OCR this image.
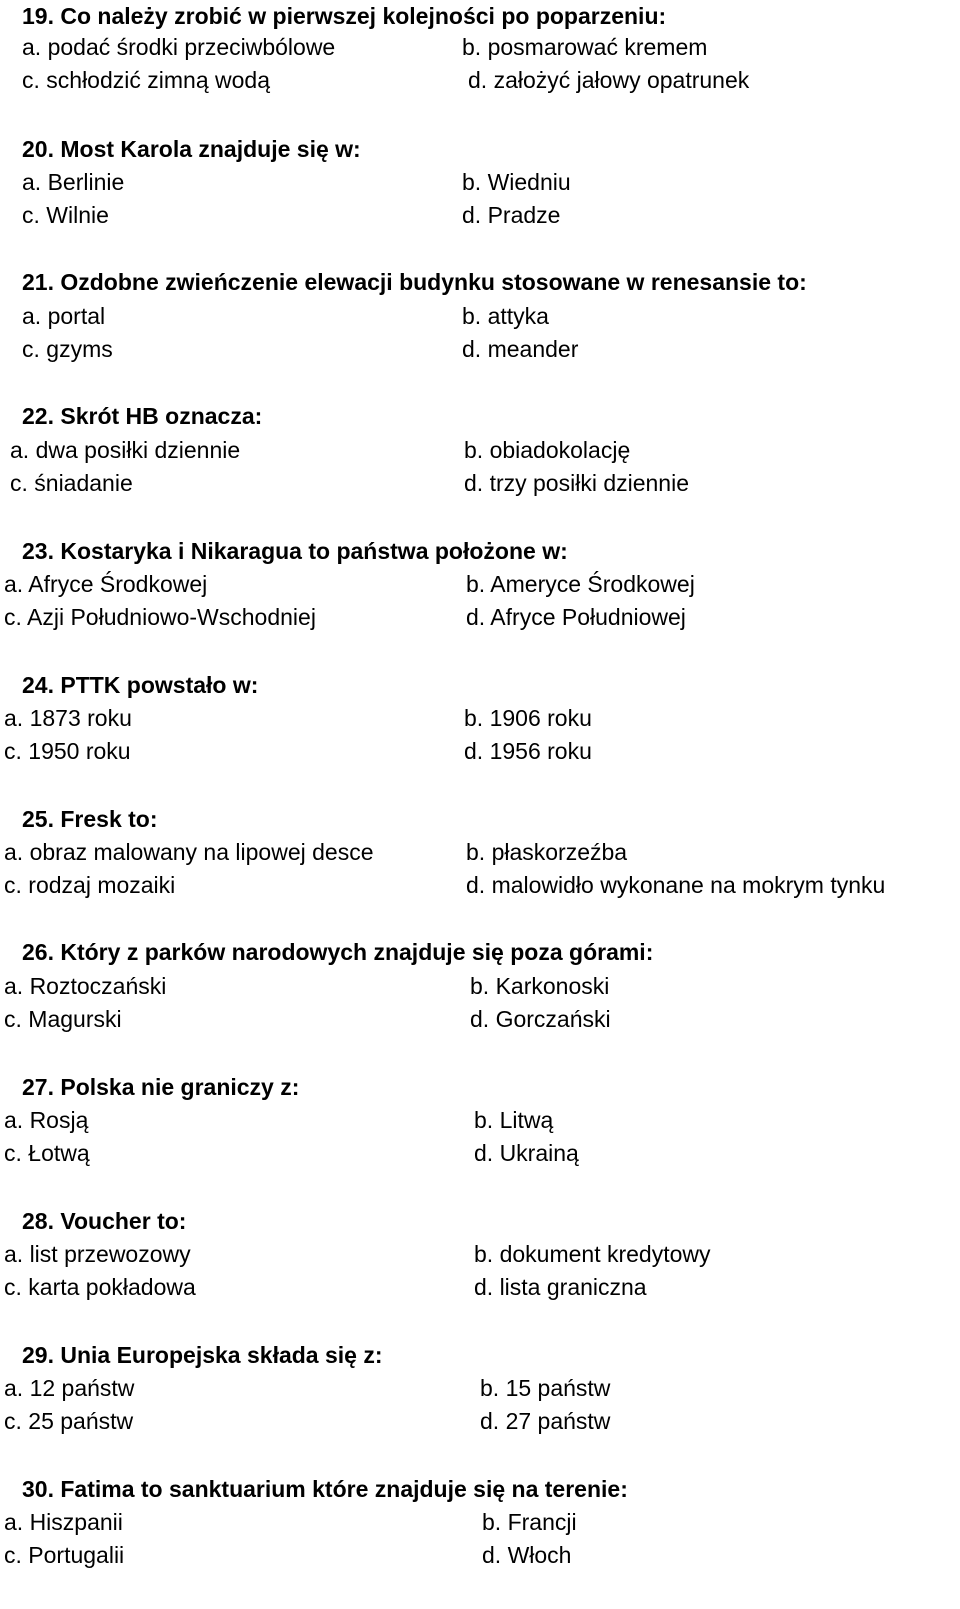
19. Co należy zrobić w pierwszej kolejności po poparzeniu:
a. podać środki przeciwbólowe	b. posmarować kremem
c. schłodzić zimną wodą	d. założyć jałowy opatrunek
20. Most Karola znajduje się w:
a. Berlinie	b. Wiedniu
c. Wilnie	d. Pradze
21. Ozdobne zwieńczenie elewacji budynku stosowane w renesansie to:
a. portal	b. attyka
c. gzyms	d. meander
22. Skrót HB oznacza:
a. dwa posiłki dziennie	b. obiadokolację
c. śniadanie	d. trzy posiłki dziennie
23. Kostaryka i Nikaragua to państwa położone w:
a. Afryce Środkowej	b. Ameryce Środkowej
c. Azji Południowo-Wschodniej	d. Afryce Południowej
24. PTTK powstało w:
a. 1873 roku	b. 1906 roku
c. 1950 roku	d. 1956 roku
25. Fresk to:
a. obraz malowany na lipowej desce	b. płaskorzeźba
c. rodzaj mozaiki	d. malowidło wykonane na mokrym tynku
26. Który z parków narodowych znajduje się poza górami:
a. Roztoczański	b. Karkonoski
c. Magurski	d. Gorczański
27. Polska nie graniczy z:
a. Rosją	b. Litwą
c. Łotwą	d. Ukrainą
28. Voucher to:
a. list przewozowy	b. dokument kredytowy
c. karta pokładowa	d. lista graniczna
29. Unia Europejska składa się z:
a. 12 państw	b. 15 państw
c. 25 państw	d. 27 państw
30. Fatima to sanktuarium które znajduje się na terenie:
a. Hiszpanii	b. Francji
c. Portugalii	d. Włoch
